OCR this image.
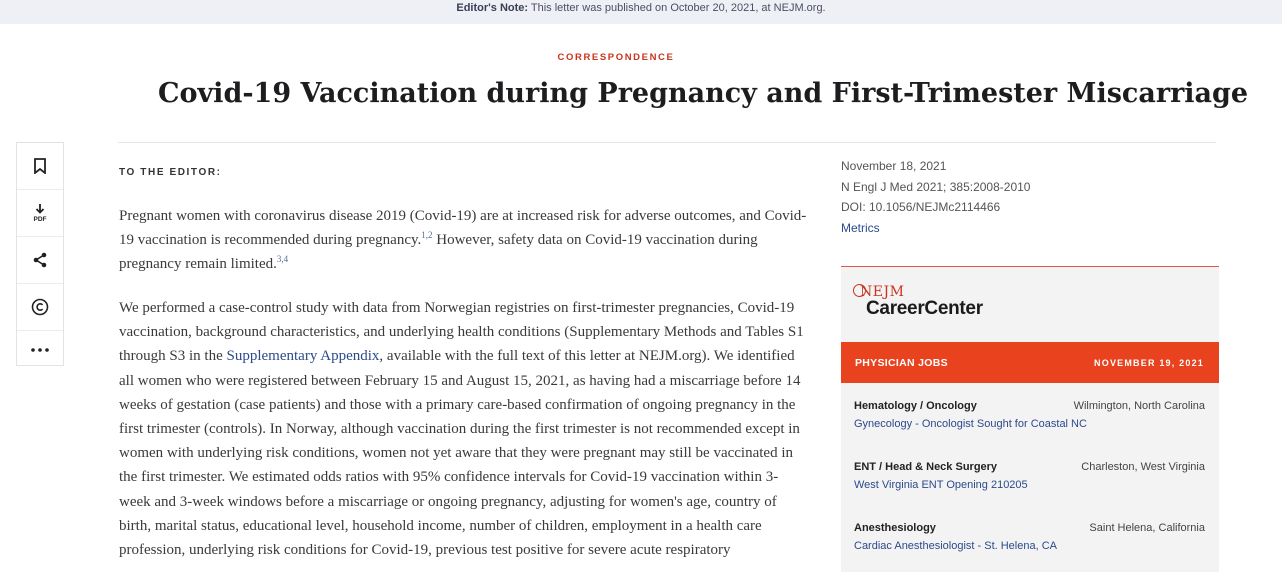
Editor's Note: This letter was published on October 20, 2021, at NEJM.org.
CORRESPONDENCE
Covid-19 Vaccination during Pregnancy and First-Trimester Miscarriage
PDF
TO THE EDITOR:

Pregnant women with coronavirus disease 2019 (Covid-19) are at increased risk for adverse outcomes, and Covid-19 vaccination is recommended during pregnancy.$^{1,2}$ However, safety data on Covid-19 vaccination during pregnancy remain limited.$^{3,4}$

We performed a case-control study with data from Norwegian registries on first-trimester pregnancies, Covid-19 vaccination, background characteristics, and underlying health conditions (Supplementary Methods and Tables S1 through S3 in the Supplementary Appendix, available with the full text of this letter at NEJM.org). We identified all women who were registered between February 15 and August 15, 2021, as having had a miscarriage before 14 weeks of gestation (case patients) and those with a primary care-based confirmation of ongoing pregnancy in the first trimester (controls). In Norway, although vaccination during the first trimester is not recommended except in women with underlying risk conditions, women not yet aware that they were pregnant may still be vaccinated in the first trimester. We estimated odds ratios with 95% confidence intervals for Covid-19 vaccination within 3-week and 3-week windows before a miscarriage or ongoing pregnancy, adjusting for women's age, country of birth, marital status, educational level, household income, number of children, employment in a health care profession, underlying risk conditions for Covid-19, previous test positive for severe acute respiratory

November 18, 2021
N Engl J Med 2021; 385:2008-2010
DOI: 10.1056/NEJMc2114466
Metrics
NEJM
CareerCenter
PHYSICIAN JOBS	NOVEMBER 19, 2021
Hematology / Oncology	Wilmington, North Carolina
Gynecology - Oncologist Sought for Coastal NC
ENT / Head & Neck Surgery	Charleston, West Virginia
West Virginia ENT Opening 210205
Anesthesiology	Saint Helena, California
Cardiac Anesthesiologist - St. Helena, CA
